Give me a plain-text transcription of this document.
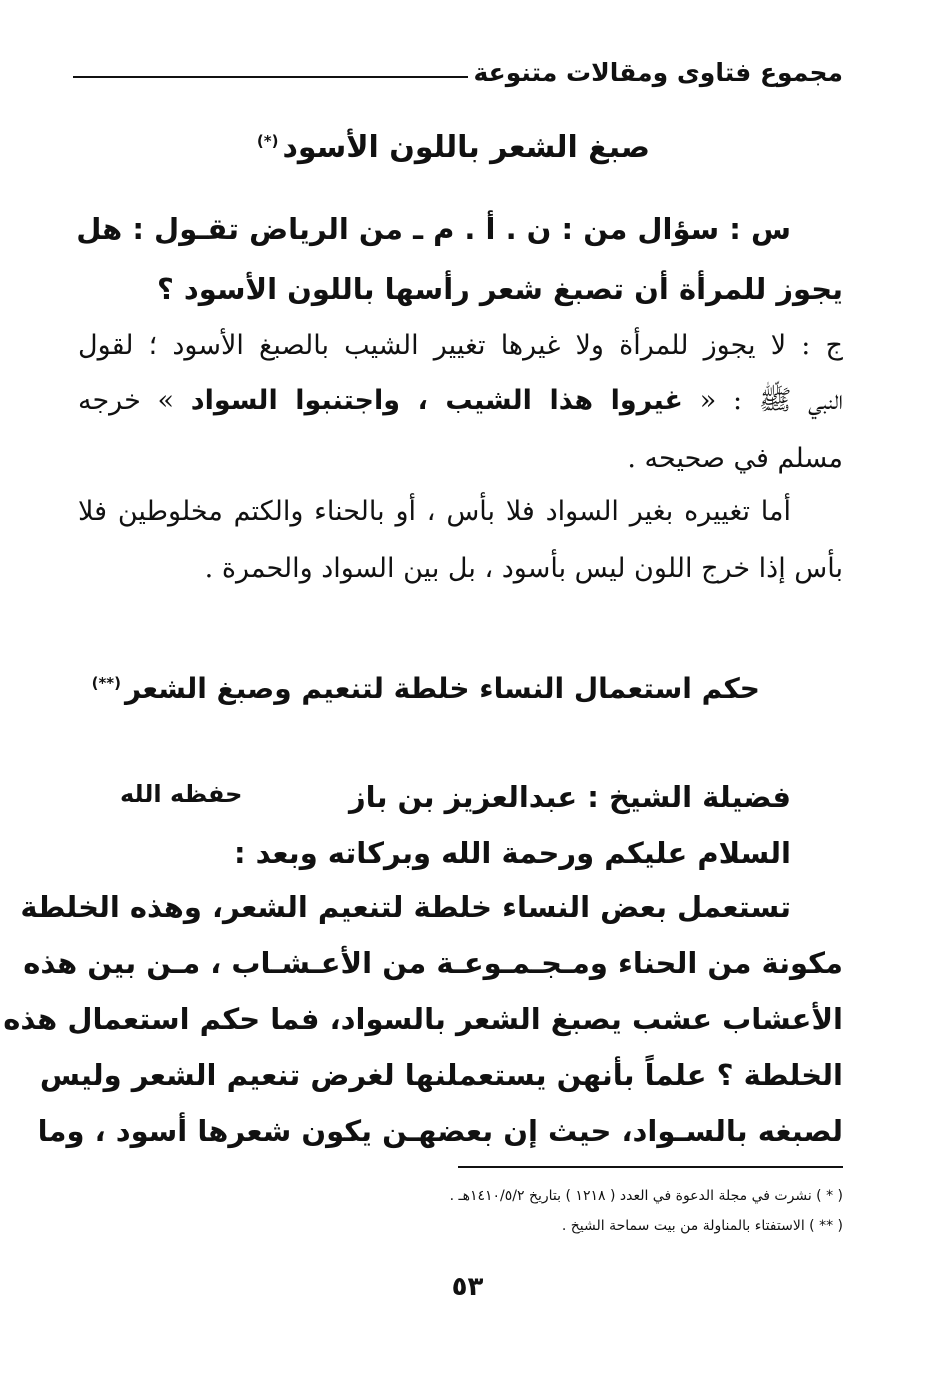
مجموع فتاوى ومقالات متنوعة
صبغ الشعر باللون الأسود(*)
س : سؤال من : ن . أ . م ـ من الرياض تقـول : هل
يجوز للمرأة أن تصبغ شعر رأسها باللون الأسود ؟
ج : لا يجوز للمرأة ولا غيرها تغيير الشيب بالصبغ الأسود ؛ لقول
النبي ﷺ : « غيروا هذا الشيب ، واجتنبوا السواد » خرجه
مسلم في صحيحه .
أما تغييره بغير السواد فلا بأس ، أو بالحناء والكتم مخلوطين فلا
بأس إذا خرج اللون ليس بأسود ، بل بين السواد والحمرة .
حكم استعمال النساء خلطة لتنعيم وصبغ الشعر(**)
فضيلة الشيخ : عبدالعزيز بن باز
حفظه الله
السلام عليكم ورحمة الله وبركاته وبعد :
تستعمل بعض النساء خلطة لتنعيم الشعر، وهذه الخلطة
مكونة من الحناء ومـجـمـوعـة من الأعـشـاب ، مـن بين هذه
الأعشاب عشب يصبغ الشعر بالسواد، فما حكم استعمال هذه
الخلطة ؟ علماً بأنهن يستعملنها لغرض تنعيم الشعر وليس
لصبغه بالسـواد، حيث إن بعضهـن يكون شعرها أسود ، وما
( * ) نشرت في مجلة الدعوة في العدد ( ١٢١٨ ) بتاريخ ١٤١٠/٥/٢هـ .
( ** ) الاستفتاء بالمناولة من بيت سماحة الشيخ .
٥٣
